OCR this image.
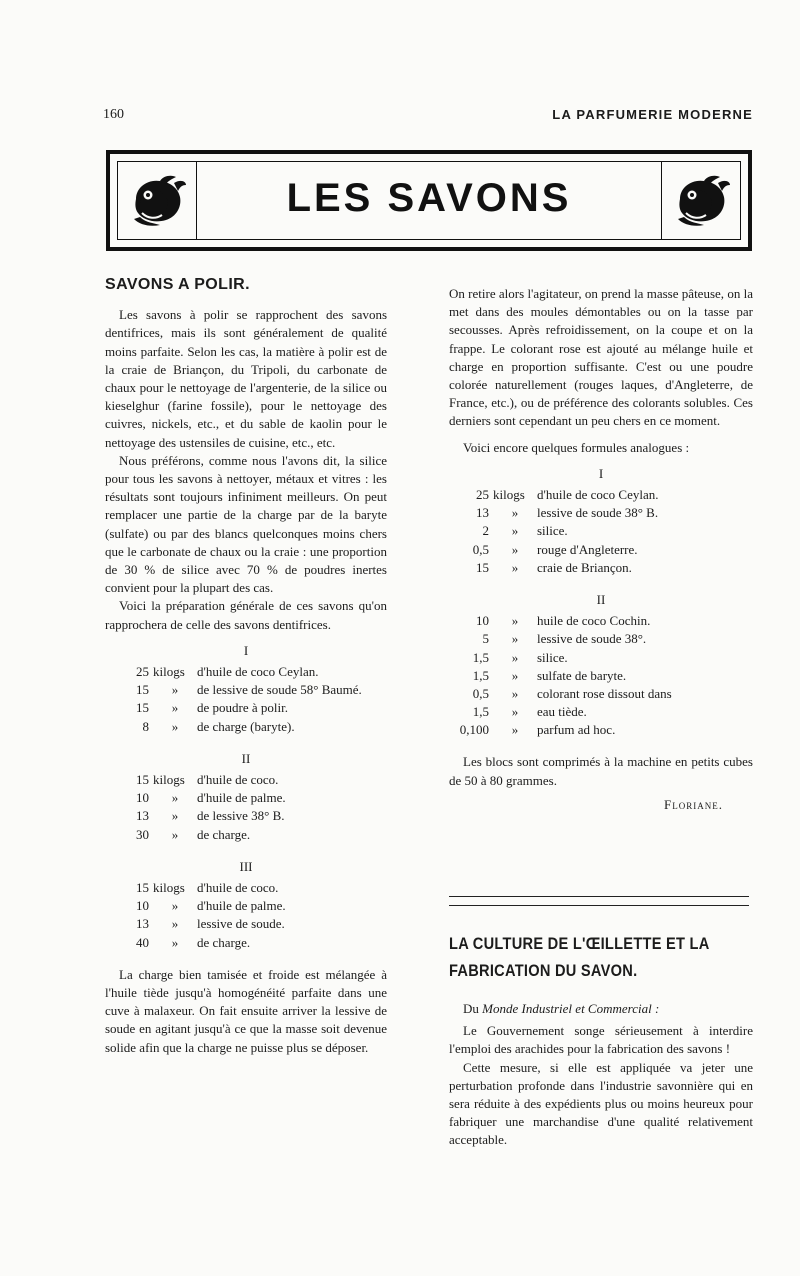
160	LA PARFUMERIE MODERNE
LES SAVONS
SAVONS A POLIR.

Les savons à polir se rapprochent des savons dentifrices, mais ils sont généralement de qualité moins parfaite. Selon les cas, la matière à polir est de la craie de Briançon, du Tripoli, du carbonate de chaux pour le nettoyage de l'argenterie, de la silice ou kieselghur (farine fossile), pour le nettoyage des cuivres, nickels, etc., et du sable de kaolin pour le nettoyage des ustensiles de cuisine, etc., etc.

Nous préférons, comme nous l'avons dit, la silice pour tous les savons à nettoyer, métaux et vitres : les résultats sont toujours infiniment meilleurs. On peut remplacer une partie de la charge par de la baryte (sulfate) ou par des blancs quelconques moins chers que le carbonate de chaux ou la craie : une proportion de 30 % de silice avec 70 % de poudres inertes convient pour la plupart des cas.

Voici la préparation générale de ces savons qu'on rapprochera de celle des savons dentifrices.

I
25 kilogs d'huile de coco Ceylan.
15	»	de lessive de soude 58° Baumé.
15	»	de poudre à polir.
8	»	de charge (baryte).
II
15 kilogs d'huile de coco.
10	»	d'huile de palme.
13	»	de lessive 38° B.
30	»	de charge.
III
15 kilogs d'huile de coco.
10	»	d'huile de palme.
13	»	lessive de soude.
40	»	de charge.

La charge bien tamisée et froide est mélangée à l'huile tiède jusqu'à homogénéité parfaite dans une cuve à malaxeur. On fait ensuite arriver la lessive de soude en agitant jusqu'à ce que la masse soit devenue solide afin que la charge ne puisse plus se déposer.

On retire alors l'agitateur, on prend la masse pâteuse, on la met dans des moules démontables ou on la tasse par secousses. Après refroidissement, on la coupe et on la frappe. Le colorant rose est ajouté au mélange huile et charge en proportion suffisante. C'est ou une poudre colorée naturellement (rouges laques, d'Angleterre, de France, etc.), ou de préférence des colorants solubles. Ces derniers sont cependant un peu chers en ce moment.

Voici encore quelques formules analogues :

I
25 kilogs d'huile de coco Ceylan.
13	»	lessive de soude 38° B.
2	»	silice.
0,5	»	rouge d'Angleterre.
15	»	craie de Briançon.
II
10	»	huile de coco Cochin.
5	»	lessive de soude 38°.
1,5	»	silice.
1,5	»	sulfate de baryte.
0,5	»	colorant rose dissout dans
1,5	»	eau tiède.
0,100	»	parfum ad hoc.

Les blocs sont comprimés à la machine en petits cubes de 50 à 80 grammes.

Floriane.
LA CULTURE DE L'ŒILLETTE ET LA FABRICATION DU SAVON.
Du Monde Industriel et Commercial :

Le Gouvernement songe sérieusement à interdire l'emploi des arachides pour la fabrication des savons !

Cette mesure, si elle est appliquée va jeter une perturbation profonde dans l'industrie savonnière qui en sera réduite à des expédients plus ou moins heureux pour fabriquer une marchandise d'une qualité relativement acceptable.
